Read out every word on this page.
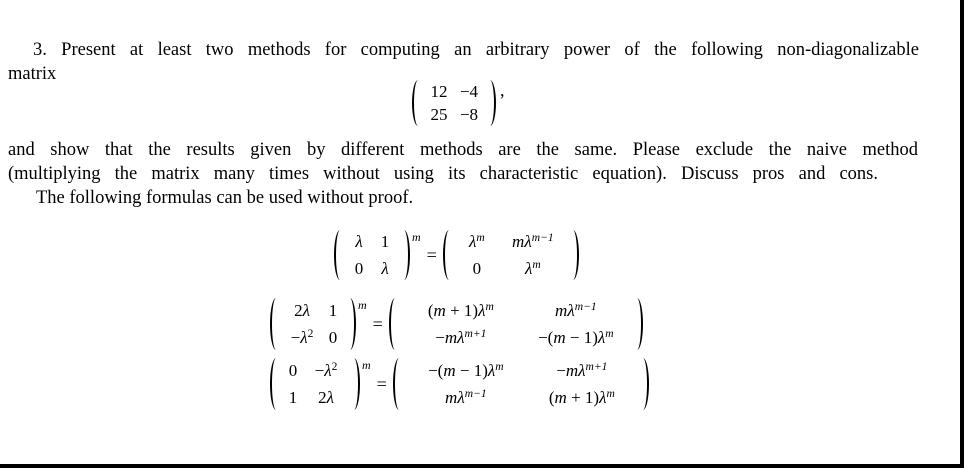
3. Present at least two methods for computing an arbitrary power of the following non-diagonalizable
matrix
12 −4
25 −8
,
and show that the results given by different methods are the same. Please exclude the naive method
(multiplying the matrix many times without using its characteristic equation). Discuss pros and cons.
The following formulas can be used without proof.
λ 1
0 λ
m
=
$\lambda^m$ $m\lambda^{m-1}$
0	$\lambda^m$
2λ 1
$-\lambda^2$ 0
m
=
$(m + 1)\lambda^m$	$m\lambda^{m-1}$
$-m\lambda^{m+1}$	$-(m - 1)\lambda^m$
$0 -\lambda^2$
1 2λ
m
=
$-(m - 1)\lambda^m$	$-m\lambda^{m+1}$
$m\lambda^{m-1}$	$(m + 1)\lambda^m$
